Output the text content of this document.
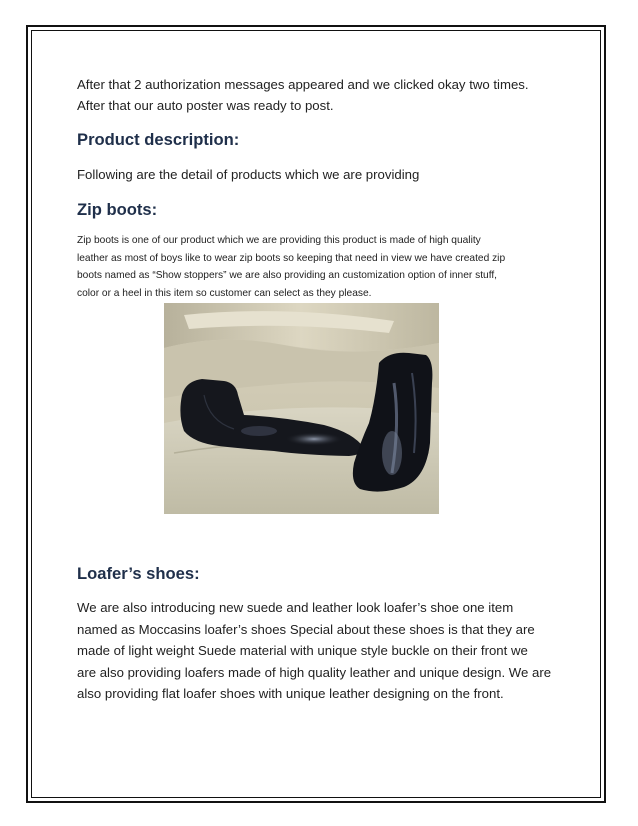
After that 2 authorization messages appeared and we clicked okay two times.

After that our auto poster was ready to post.

Product description:

Following are the detail of products which we are providing

Zip boots:

Zip boots is one of our product which we are providing this product is made of high quality

leather as most of boys like to wear zip boots so keeping that need in view we have created zip

boots named as “Show stoppers” we are also providing an customization option of inner stuff,

color or a heel in this item so customer can select as they please.

Loafer’s shoes:

We are also introducing new suede and leather look loafer’s shoe one item

named as Moccasins loafer’s shoes Special about these shoes is that they are

made of light weight Suede material with unique style buckle on their front we

are also providing loafers made of high quality leather and unique design. We are

also providing flat loafer shoes with unique leather designing on the front.
